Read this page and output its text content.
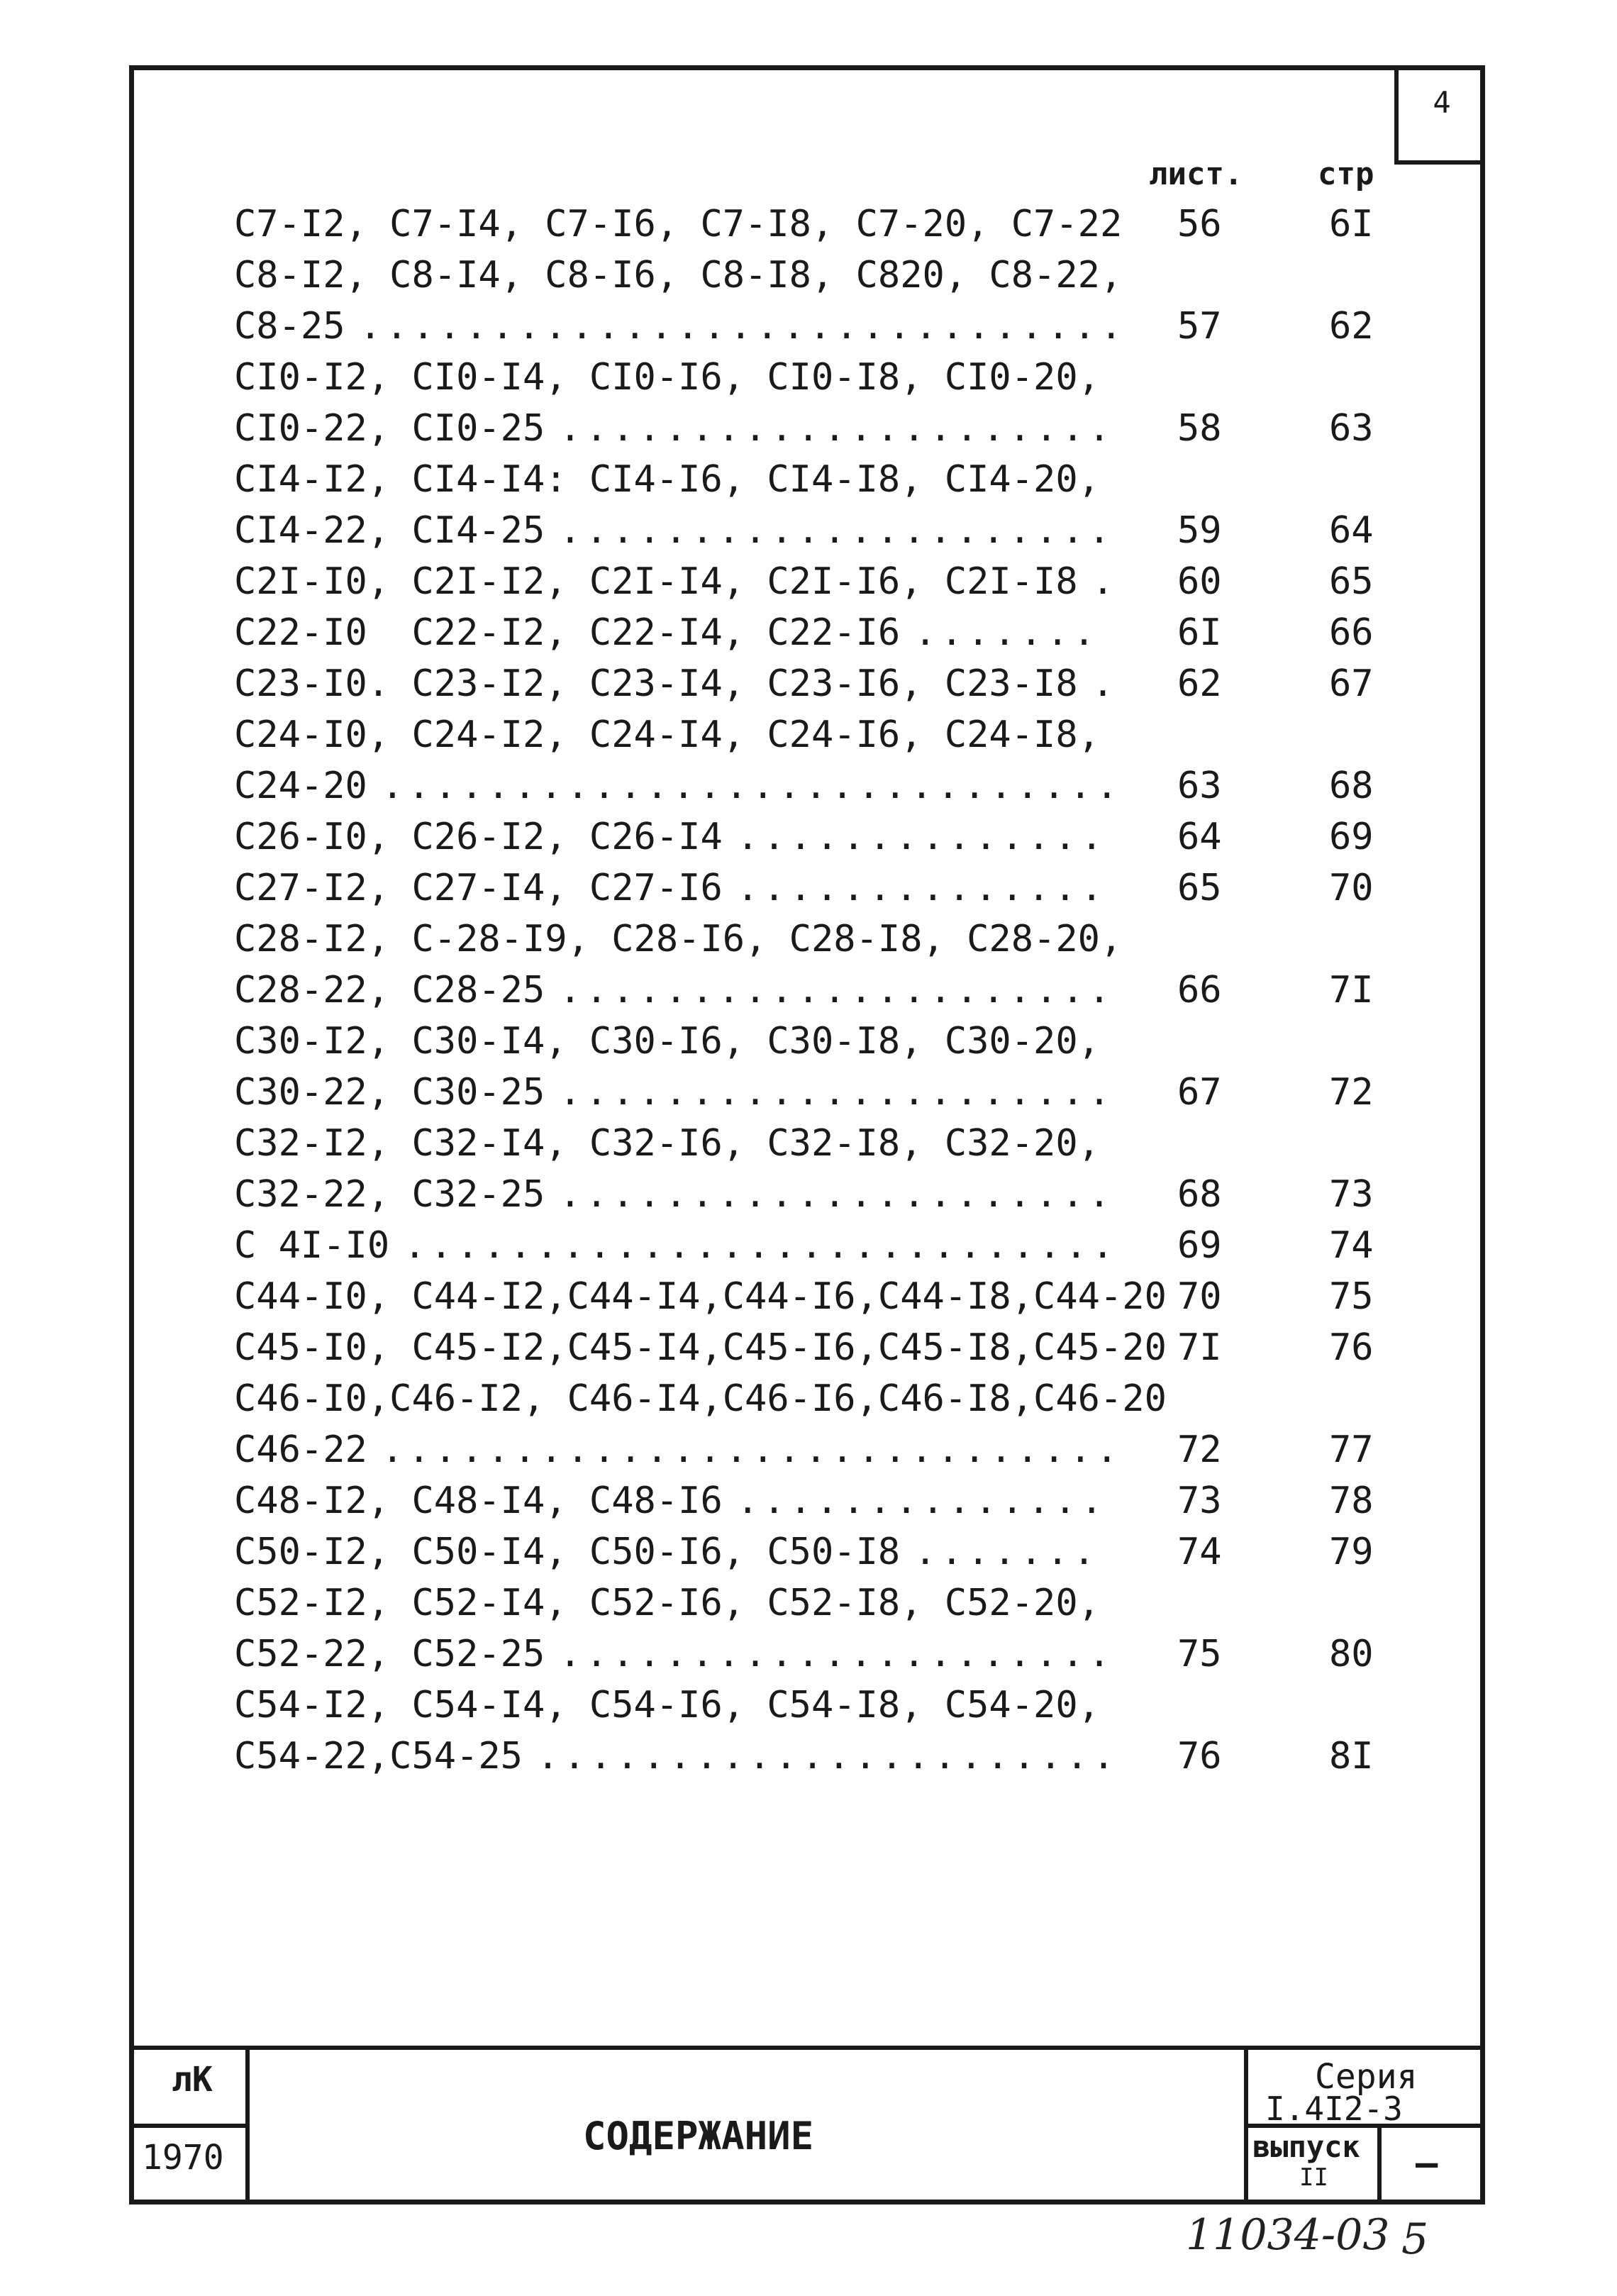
4
лист. стр
C7-I2, C7-I4, C7-I6, C7-I8, C7-20, C7-22 56	6I
C8-I2, C8-I4, C8-I6, C8-I8, C820, C8-22,
C8-25 ............................. 57	62
CI0-I2, CI0-I4, CI0-I6, CI0-I8, CI0-20,
CI0-22, CI0-25 ..................... 58	63
CI4-I2, CI4-I4: CI4-I6, CI4-I8, CI4-20,
CI4-22, CI4-25 ..................... 59	64
C2I-I0, C2I-I2, C2I-I4, C2I-I6, C2I-I8 . 60	65
C22-I0  C22-I2, C22-I4, C22-I6 ....... 6I	66
C23-I0. C23-I2, C23-I4, C23-I6, C23-I8 . 62	67
C24-I0, C24-I2, C24-I4, C24-I6, C24-I8,
C24-20 ............................ 63	68
C26-I0, C26-I2, C26-I4 .............. 64	69
C27-I2, C27-I4, C27-I6 .............. 65	70
C28-I2, C-28-I9, C28-I6, C28-I8, C28-20,
C28-22, C28-25 ..................... 66	7I
C30-I2, C30-I4, C30-I6, C30-I8, C30-20,
C30-22, C30-25 ..................... 67	72
C32-I2, C32-I4, C32-I6, C32-I8, C32-20,
C32-22, C32-25 ..................... 68	73
C 4I-I0 ........................... 69	74
C44-I0, C44-I2,C44-I4,C44-I6,C44-I8,C44-20 70	75
C45-I0, C45-I2,C45-I4,C45-I6,C45-I8,C45-20 7I	76
C46-I0,C46-I2, C46-I4,C46-I6,C46-I8,C46-20
C46-22 ............................ 72	77
C48-I2, C48-I4, C48-I6 .............. 73	78
C50-I2, C50-I4, C50-I6, C50-I8 ....... 74	79
C52-I2, C52-I4, C52-I6, C52-I8, C52-20,
C52-22, C52-25 ..................... 75	80
C54-I2, C54-I4, C54-I6, C54-I8, C54-20,
C54-22,C54-25 ...................... 76	8I
лК
1970	СОДЕРЖАНИЕ
Серия
I.4I2-3
выпуск
II –
11034-03 5
